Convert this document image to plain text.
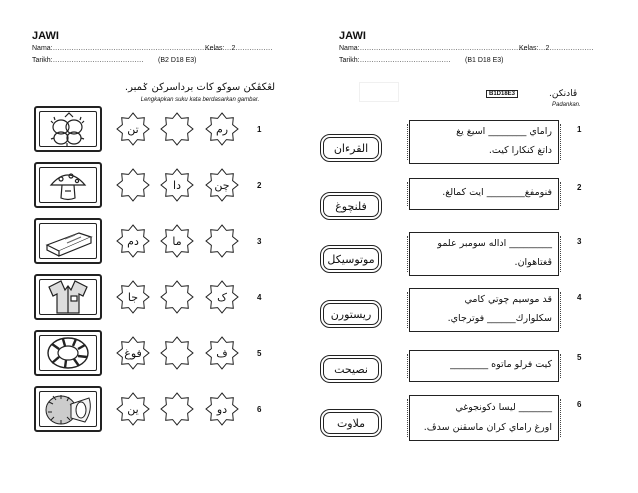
JAWI
Nama:………………………………………………………………
Kelas:…2…………….
Tarikh:………………………………… (B2 D18 E3)
لڠكڤكن سوكو كات برداسركن ݢمبر.
Lengkapkan suku kata berdasarkan gambar.
1
2
3
4
5
6
رم
تن
چن
دا
ما
دم
ک
جا
ف
فوغ
دو
ين
JAWI
Nama:………………………………………………………………
Kelas:…2……………….
Tarikh:………………………………… (B1 D18 E3)
B1D18E3	ڤادنكن.
Padankan.
القرءان
فلنچوغ
موتوسيكل
ريستورن
نصيحت
ملاوت
راماي ________ اسيغ يغ
داتغ كنكارا كيت.
1
فنومفغ________ ايت كمالغ.	2
_________ اداله سومبر علمو
ڤغتاهوان.
3
قد موسيم چوتي كامي
سكلوارك______ فوترجاي.
4
كيت فرلو ماتوه ________
5
_______ ليسا دكونجوغي
اورغ راماي كران ماسقنن سدڤ.
6
